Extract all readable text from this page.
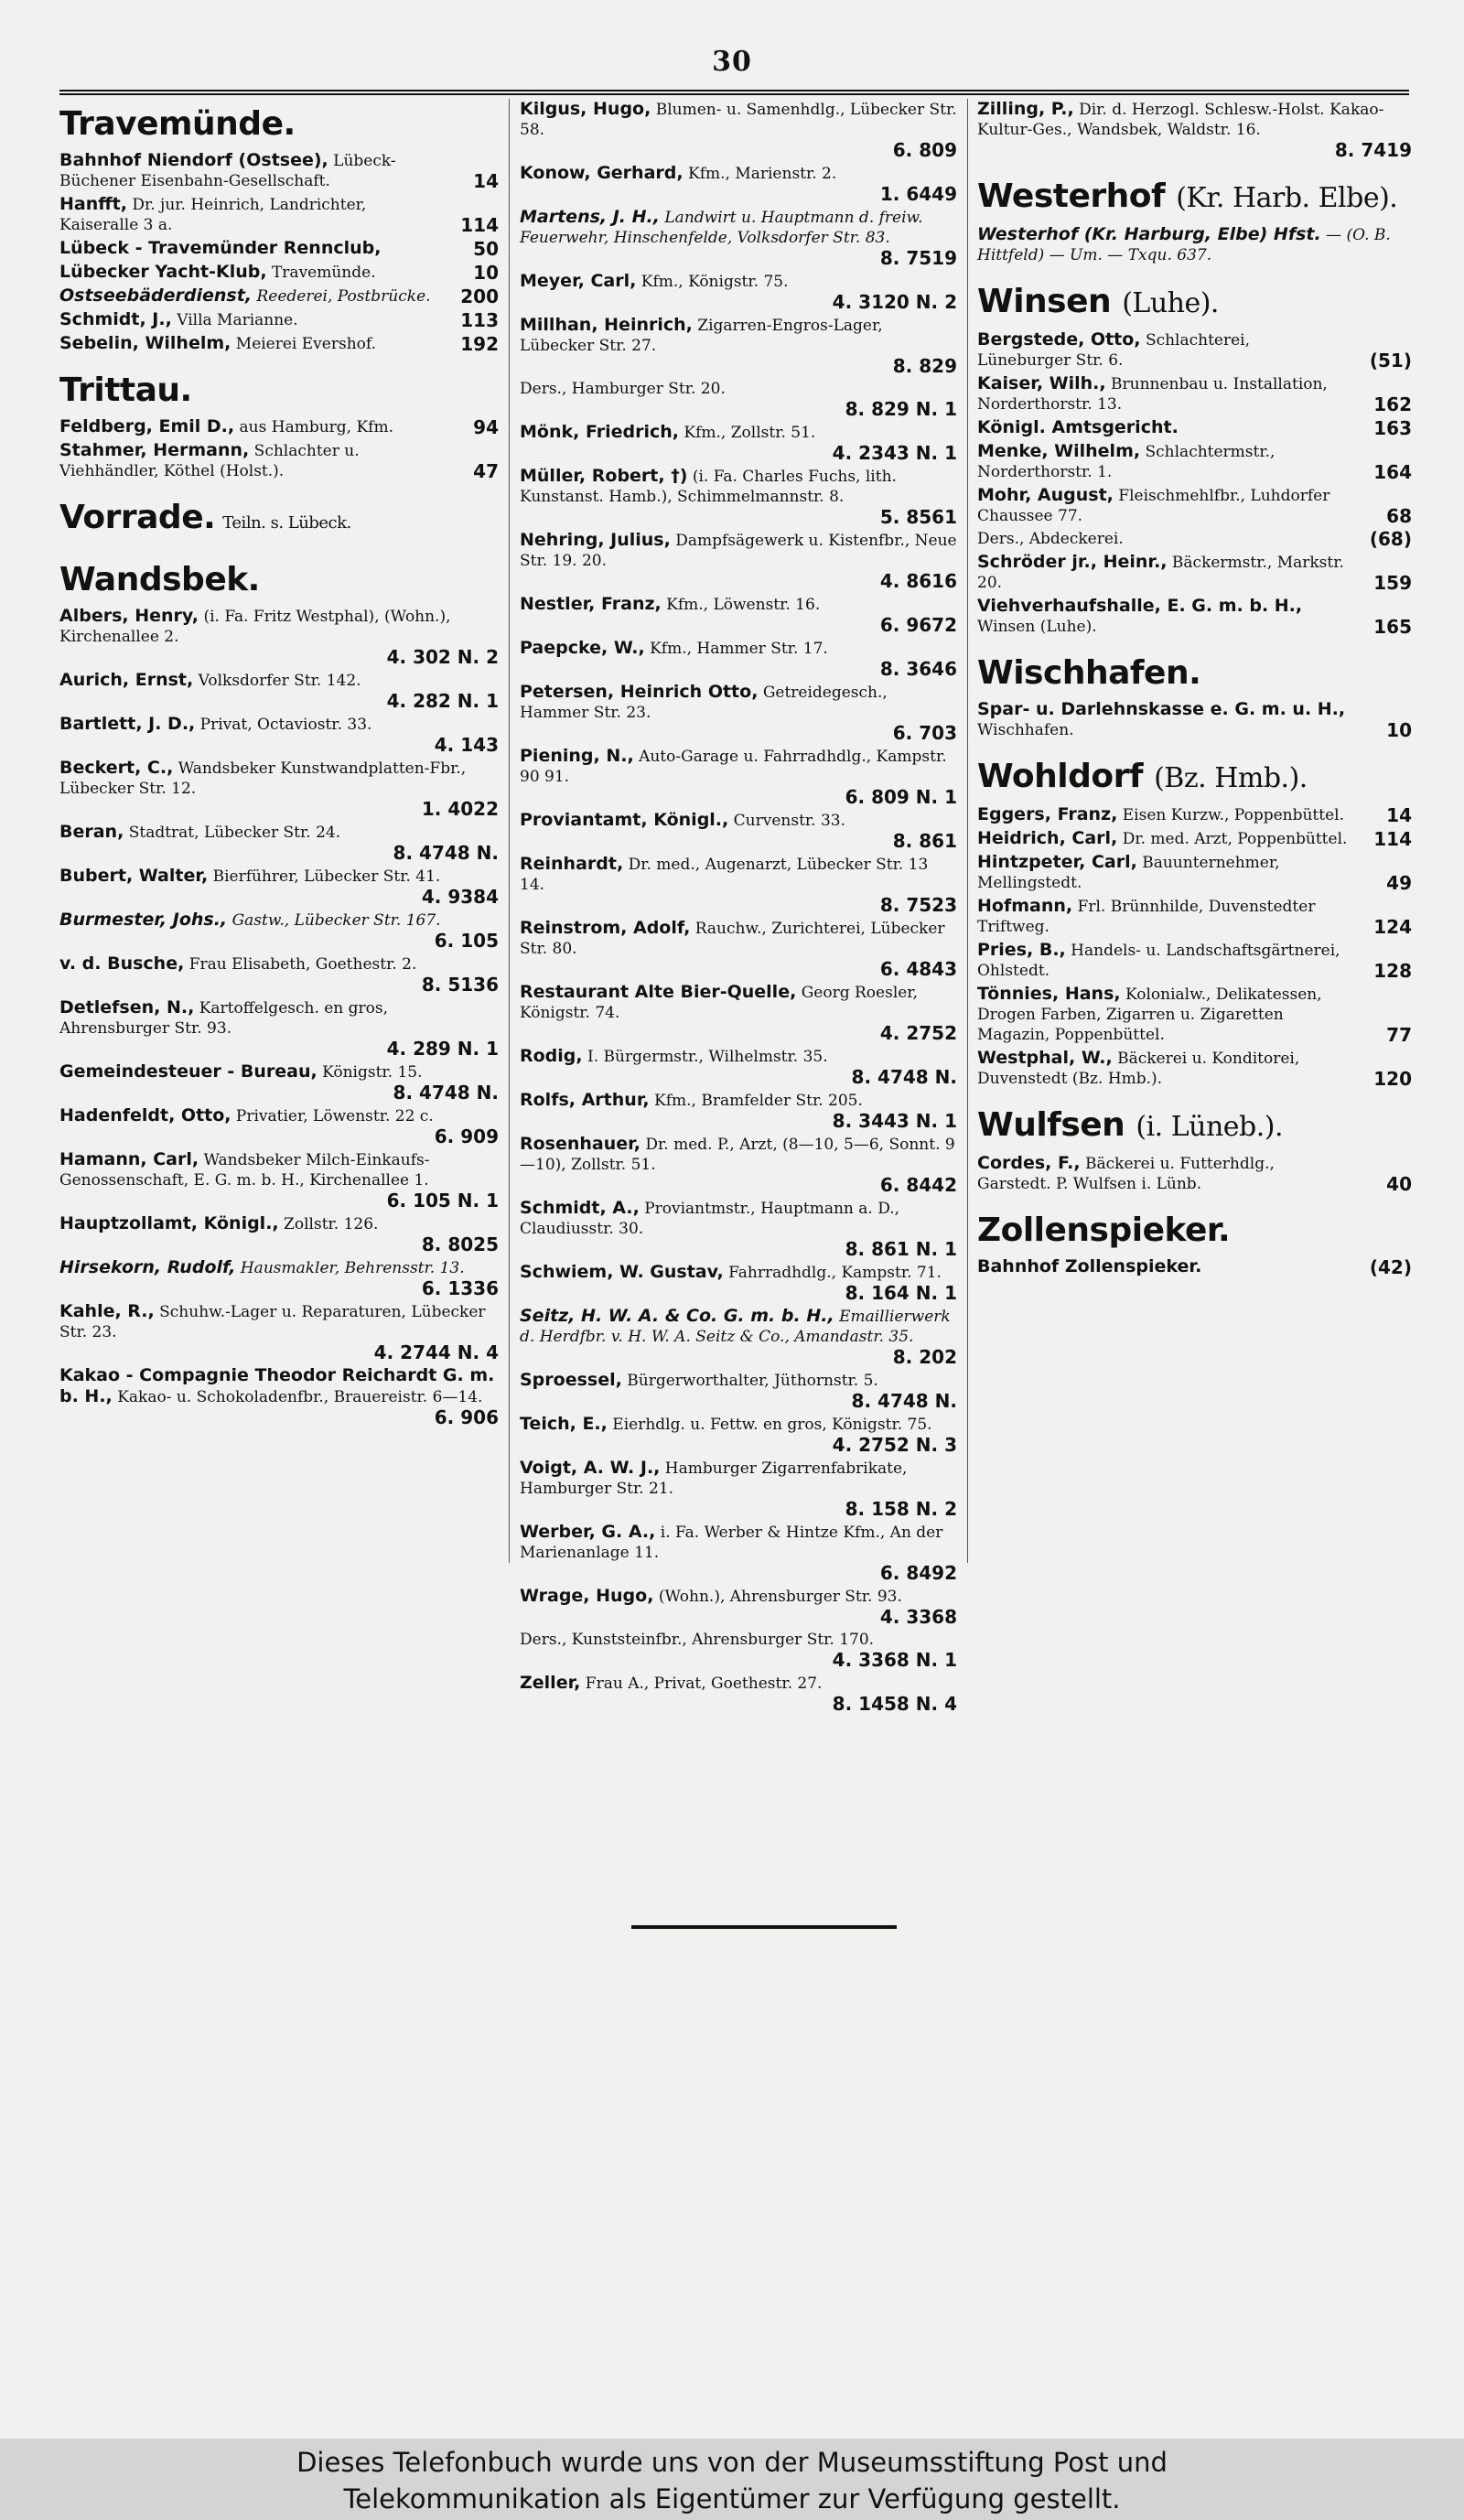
30
Travemünde.
Bahnhof Niendorf (Ostsee), Lübeck-Büchener Eisenbahn-Gesellschaft.	14
Hanfft, Dr. jur. Heinrich, Landrichter, Kaiseralle 3 a.	114
Lübeck - Travemünder Rennclub,	50
Lübecker Yacht-Klub, Travemünde.	10
Ostseebäderdienst, Reederei, Postbrücke. 200
Schmidt, J., Villa Marianne.	113
Sebelin, Wilhelm, Meierei Evershof.	192
Trittau.
Feldberg, Emil D., aus Hamburg, Kfm.	94
Stahmer, Hermann, Schlachter u. Viehhändler, Köthel (Holst.).	47
Vorrade. Teiln. s. Lübeck.
Wandsbek.
Albers, Henry, (i. Fa. Fritz Westphal), (Wohn.), Kirchenallee 2.
4. 302 N. 2
Aurich, Ernst, Volksdorfer Str. 142.
4. 282 N. 1
Bartlett, J. D., Privat, Octaviostr. 33.
4. 143
Beckert, C., Wandsbeker Kunstwandplatten-Fbr., Lübecker Str. 12.
1. 4022
Beran, Stadtrat, Lübecker Str. 24.
8. 4748 N.
Bubert, Walter, Bierführer, Lübecker Str. 41.
4. 9384
Burmester, Johs., Gastw., Lübecker Str. 167.
6. 105
v. d. Busche, Frau Elisabeth, Goethestr. 2.
8. 5136
Detlefsen, N., Kartoffelgesch. en gros, Ahrensburger Str. 93.
4. 289 N. 1
Gemeindesteuer - Bureau, Königstr. 15.
8. 4748 N.
Hadenfeldt, Otto, Privatier, Löwenstr. 22 c.
6. 909
Hamann, Carl, Wandsbeker Milch-Einkaufs-Genossenschaft, E. G. m. b. H., Kirchenallee 1.
6. 105 N. 1
Hauptzollamt, Königl., Zollstr. 126.
8. 8025
Hirsekorn, Rudolf, Hausmakler, Behrensstr. 13.
6. 1336
Kahle, R., Schuhw.-Lager u. Reparaturen, Lübecker Str. 23.
4. 2744 N. 4
Kakao - Compagnie Theodor Reichardt G. m. b. H., Kakao- u. Schokoladenfbr., Brauereistr. 6—14.
6. 906
Kilgus, Hugo, Blumen- u. Samenhdlg., Lübecker Str. 58.
6. 809
Konow, Gerhard, Kfm., Marienstr. 2.
1. 6449
Martens, J. H., Landwirt u. Hauptmann d. freiw. Feuerwehr, Hinschenfelde, Volksdorfer Str. 83.
8. 7519
Meyer, Carl, Kfm., Königstr. 75.
4. 3120 N. 2
Millhan, Heinrich, Zigarren-Engros-Lager, Lübecker Str. 27.
8. 829
Ders., Hamburger Str. 20.
8. 829 N. 1
Mönk, Friedrich, Kfm., Zollstr. 51.
4. 2343 N. 1
Müller, Robert, †) (i. Fa. Charles Fuchs, lith. Kunstanst. Hamb.), Schimmelmannstr. 8.
5. 8561
Nehring, Julius, Dampfsägewerk u. Kistenfbr., Neue Str. 19. 20.
4. 8616
Nestler, Franz, Kfm., Löwenstr. 16.
6. 9672
Paepcke, W., Kfm., Hammer Str. 17.
8. 3646
Petersen, Heinrich Otto, Getreidegesch., Hammer Str. 23.
6. 703
Piening, N., Auto-Garage u. Fahrradhdlg., Kampstr. 90 91.
6. 809 N. 1
Proviantamt, Königl., Curvenstr. 33.
8. 861
Reinhardt, Dr. med., Augenarzt, Lübecker Str. 13 14.
8. 7523
Reinstrom, Adolf, Rauchw., Zurichterei, Lübecker Str. 80.
6. 4843
Restaurant Alte Bier-Quelle, Georg Roesler, Königstr. 74.
4. 2752
Rodig, I. Bürgermstr., Wilhelmstr. 35.
8. 4748 N.
Rolfs, Arthur, Kfm., Bramfelder Str. 205.
8. 3443 N. 1
Rosenhauer, Dr. med. P., Arzt, (8—10, 5—6, Sonnt. 9—10), Zollstr. 51.
6. 8442
Schmidt, A., Proviantmstr., Hauptmann a. D., Claudiusstr. 30.
8. 861 N. 1
Schwiem, W. Gustav, Fahrradhdlg., Kampstr. 71.
8. 164 N. 1
Seitz, H. W. A. & Co. G. m. b. H., Emaillierwerk d. Herdfbr. v. H. W. A. Seitz & Co., Amandastr. 35.
8. 202
Sproessel, Bürgerworthalter, Jüthornstr. 5.
8. 4748 N.
Teich, E., Eierhdlg. u. Fettw. en gros, Königstr. 75.
4. 2752 N. 3
Voigt, A. W. J., Hamburger Zigarrenfabrikate, Hamburger Str. 21.
8. 158 N. 2
Werber, G. A., i. Fa. Werber & Hintze Kfm., An der Marienanlage 11.
6. 8492
Wrage, Hugo, (Wohn.), Ahrensburger Str. 93.
4. 3368
Ders., Kunststeinfbr., Ahrensburger Str. 170.
4. 3368 N. 1
Zeller, Frau A., Privat, Goethestr. 27.
8. 1458 N. 4
Zilling, P., Dir. d. Herzogl. Schlesw.-Holst. Kakao-Kultur-Ges., Wandsbek, Waldstr. 16.
8. 7419
Westerhof (Kr. Harb. Elbe).
Westerhof (Kr. Harburg, Elbe) Hfst. — (O. B. Hittfeld) — Um. — Txqu. 637.
Winsen (Luhe).
Bergstede, Otto, Schlachterei, Lüneburger Str. 6.	(51)
Kaiser, Wilh., Brunnenbau u. Installation, Norderthorstr. 13.	162
Königl. Amtsgericht.	163
Menke, Wilhelm, Schlachtermstr., Norderthorstr. 1.	164
Mohr, August, Fleischmehlfbr., Luhdorfer Chaussee 77.	68
Ders., Abdeckerei.	(68)
Schröder jr., Heinr., Bäckermstr., Markstr. 20.	159
Viehverhaufshalle, E. G. m. b. H., Winsen (Luhe).	165
Wischhafen.
Spar- u. Darlehnskasse e. G. m. u. H., Wischhafen.	10
Wohldorf (Bz. Hmb.).
Eggers, Franz, Eisen Kurzw., Poppenbüttel. 14
Heidrich, Carl, Dr. med. Arzt, Poppenbüttel. 114
Hintzpeter, Carl, Bauunternehmer, Mellingstedt.	49
Hofmann, Frl. Brünnhilde, Duvenstedter Triftweg.	124
Pries, B., Handels- u. Landschaftsgärtnerei, Ohlstedt.	128
Tönnies, Hans, Kolonialw., Delikatessen, Drogen Farben, Zigarren u. Zigaretten Magazin, Poppenbüttel.	77
Westphal, W., Bäckerei u. Konditorei, Duvenstedt (Bz. Hmb.).	120
Wulfsen (i. Lüneb.).
Cordes, F., Bäckerei u. Futterhdlg., Garstedt. P. Wulfsen i. Lünb.	40
Zollenspieker.
Bahnhof Zollenspieker.	(42)
Dieses Telefonbuch wurde uns von der Museumsstiftung Post und
Telekommunikation als Eigentümer zur Verfügung gestellt.
